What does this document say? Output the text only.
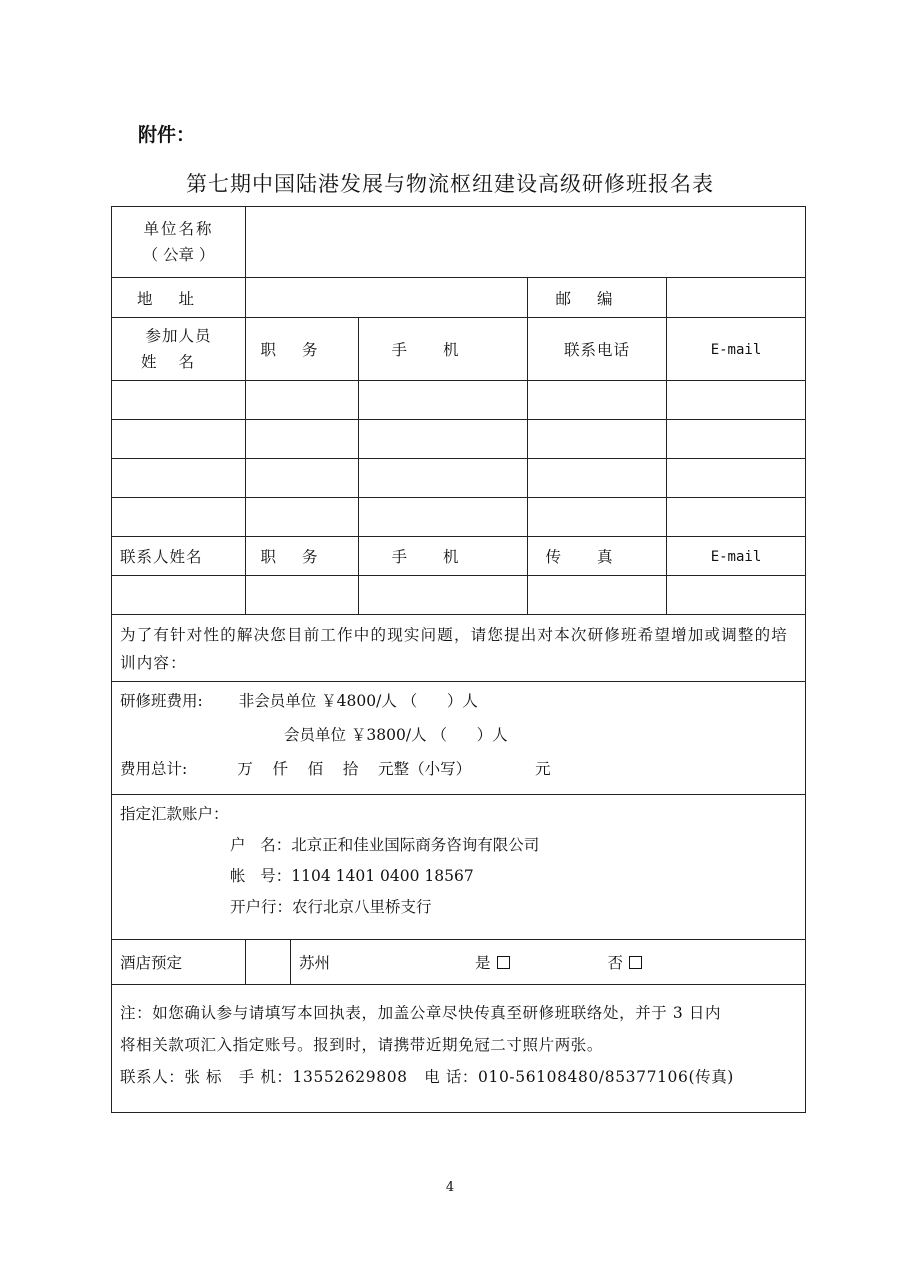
附件：
第七期中国陆港发展与物流枢纽建设高级研修班报名表
单位名称
（ 公章 ）				

地址			邮编	

参加人员
姓名	职务	手机	联系电话	E-mail

联系人姓名	职务	手机	传真	E-mail

为了有针对性的解决您目前工作中的现实问题，请您提出对本次研修班希望增加或调整的培训内容：				

研修班费用: 非会员单位 ￥4800/人 （      ）人
会员单位 ￥3800/人 （      ）人
费用总计: 万    仟    佰    拾    元整（小写）             元				

指定汇款账户：
户   名：北京正和佳业国际商务咨询有限公司
帐   号：1104 1401 0400 18567
开户行：农行北京八里桥支行				

酒店预定	苏州 是 否			

注：如您确认参与请填写本回执表，加盖公章尽快传真至研修班联络处，并于 3 日内
将相关款项汇入指定账号。报到时，请携带近期免冠二寸照片两张。
联系人：张 标   手 机：13552629808   电 话：010-56108480/85377106(传真)				
4
